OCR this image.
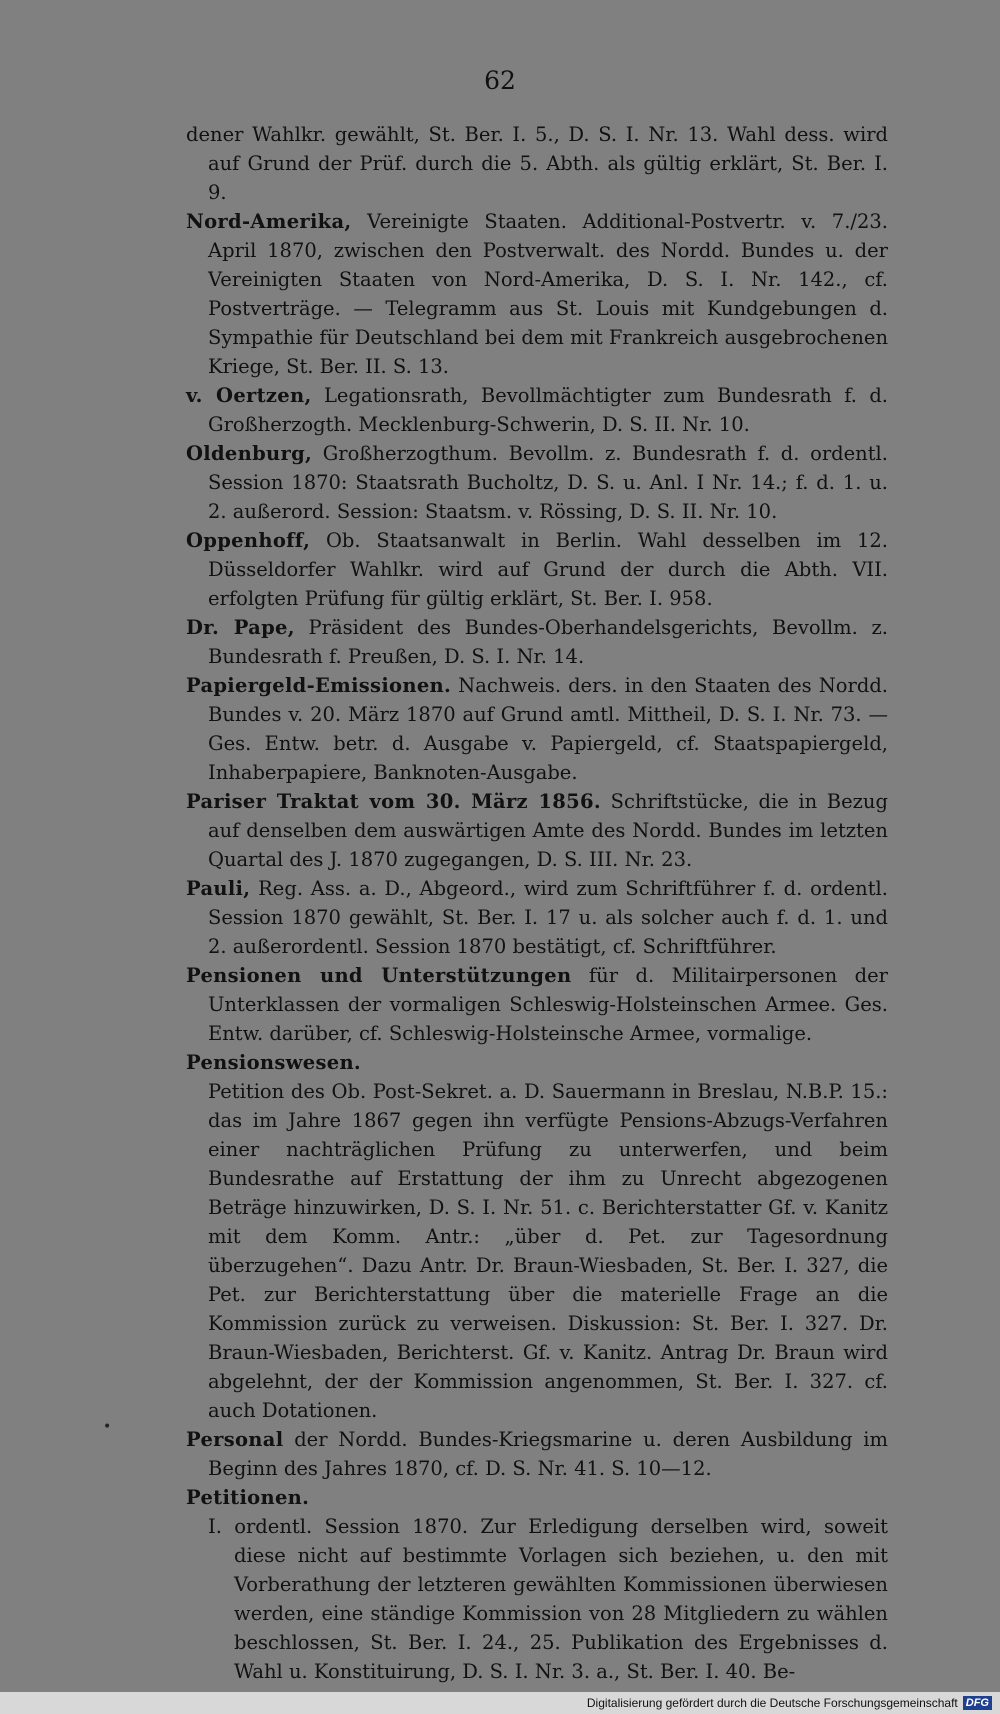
62

dener Wahlkr. gewählt, St. Ber. I. 5., D. S. I. Nr. 13. Wahl dess. wird auf Grund der Prüf. durch die 5. Abth. als gültig erklärt, St. Ber. I. 9.

Nord-Amerika, Vereinigte Staaten. Additional-Postvertr. v. 7./23. April 1870, zwischen den Postverwalt. des Nordd. Bundes u. der Vereinigten Staaten von Nord-Amerika, D. S. I. Nr. 142., cf. Postverträge. — Telegramm aus St. Louis mit Kundgebungen d. Sympathie für Deutschland bei dem mit Frankreich ausgebrochenen Kriege, St. Ber. II. S. 13.

v. Oertzen, Legationsrath, Bevollmächtigter zum Bundesrath f. d. Großherzogth. Mecklenburg-Schwerin, D. S. II. Nr. 10.

Oldenburg, Großherzogthum. Bevollm. z. Bundesrath f. d. ordentl. Session 1870: Staatsrath Bucholtz, D. S. u. Anl. I Nr. 14.; f. d. 1. u. 2. außerord. Session: Staatsm. v. Rössing, D. S. II. Nr. 10.

Oppenhoff, Ob. Staatsanwalt in Berlin. Wahl desselben im 12. Düsseldorfer Wahlkr. wird auf Grund der durch die Abth. VII. erfolgten Prüfung für gültig erklärt, St. Ber. I. 958.

Dr. Pape, Präsident des Bundes-Oberhandelsgerichts, Bevollm. z. Bundesrath f. Preußen, D. S. I. Nr. 14.

Papiergeld-Emissionen. Nachweis. ders. in den Staaten des Nordd. Bundes v. 20. März 1870 auf Grund amtl. Mittheil, D. S. I. Nr. 73. — Ges. Entw. betr. d. Ausgabe v. Papiergeld, cf. Staatspapiergeld, Inhaberpapiere, Banknoten-Ausgabe.

Pariser Traktat vom 30. März 1856. Schriftstücke, die in Bezug auf denselben dem auswärtigen Amte des Nordd. Bundes im letzten Quartal des J. 1870 zugegangen, D. S. III. Nr. 23.

Pauli, Reg. Ass. a. D., Abgeord., wird zum Schriftführer f. d. ordentl. Session 1870 gewählt, St. Ber. I. 17 u. als solcher auch f. d. 1. und 2. außerordentl. Session 1870 bestätigt, cf. Schriftführer.

Pensionen und Unterstützungen für d. Militairpersonen der Unterklassen der vormaligen Schleswig-Holsteinschen Armee. Ges. Entw. darüber, cf. Schleswig-Holsteinsche Armee, vormalige.

Pensionswesen.

Petition des Ob. Post-Sekret. a. D. Sauermann in Breslau, N.B.P. 15.: das im Jahre 1867 gegen ihn verfügte Pensions-Abzugs-Verfahren einer nachträglichen Prüfung zu unterwerfen, und beim Bundesrathe auf Erstattung der ihm zu Unrecht abgezogenen Beträge hinzuwirken, D. S. I. Nr. 51. c. Berichterstatter Gf. v. Kanitz mit dem Komm. Antr.: „über d. Pet. zur Tagesordnung überzugehen“. Dazu Antr. Dr. Braun-Wiesbaden, St. Ber. I. 327, die Pet. zur Berichterstattung über die materielle Frage an die Kommission zurück zu verweisen. Diskussion: St. Ber. I. 327. Dr. Braun-Wiesbaden, Berichterst. Gf. v. Kanitz. Antrag Dr. Braun wird abgelehnt, der der Kommission angenommen, St. Ber. I. 327. cf. auch Dotationen.

Personal der Nordd. Bundes-Kriegsmarine u. deren Ausbildung im Beginn des Jahres 1870, cf. D. S. Nr. 41. S. 10—12.

Petitionen.

I. ordentl. Session 1870. Zur Erledigung derselben wird, soweit diese nicht auf bestimmte Vorlagen sich beziehen, u. den mit Vorberathung der letzteren gewählten Kommissionen überwiesen werden, eine ständige Kommission von 28 Mitgliedern zu wählen beschlossen, St. Ber. I. 24., 25. Publikation des Ergebnisses d. Wahl u. Konstituirung, D. S. I. Nr. 3. a., St. Ber. I. 40. Be-

•
Digitalisierung gefördert durch die Deutsche Forschungsgemeinschaft DFG
